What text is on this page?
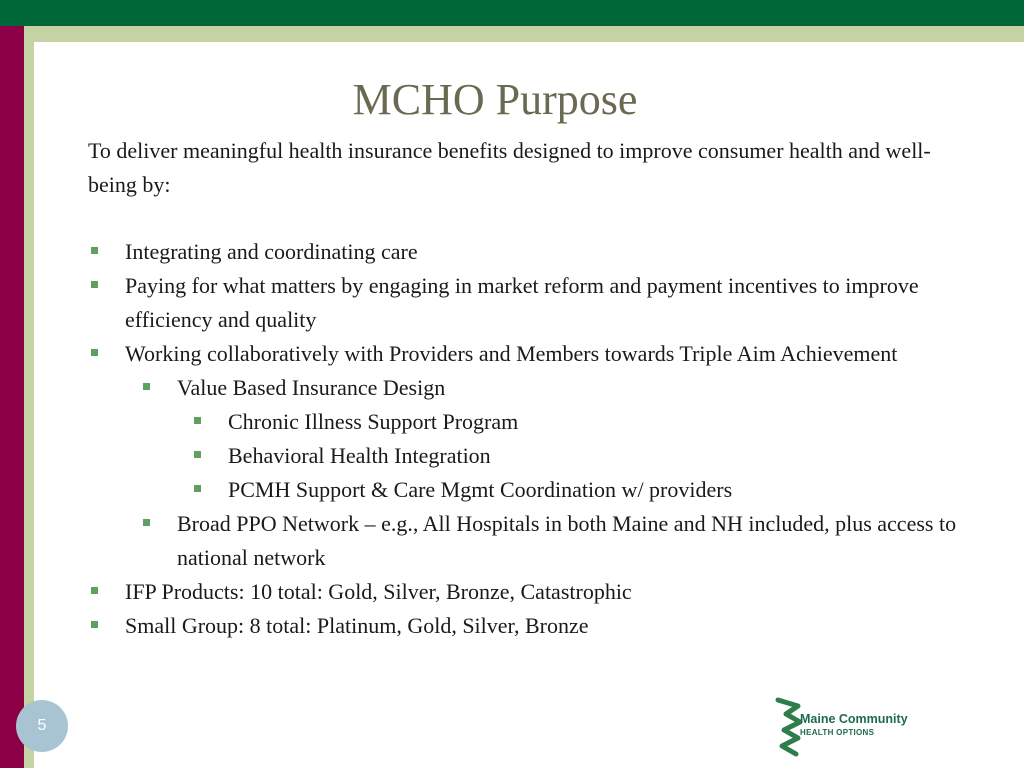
MCHO Purpose
To deliver meaningful health insurance benefits designed to improve consumer health and well-being by:
Integrating and coordinating care
Paying for what matters by engaging in market reform and payment incentives to improve efficiency and quality
Working collaboratively with Providers and Members towards Triple Aim Achievement
Value Based Insurance Design
Chronic Illness Support Program
Behavioral Health Integration
PCMH Support & Care Mgmt Coordination w/ providers
Broad PPO Network – e.g., All Hospitals in both Maine and NH included, plus access to national network
IFP Products: 10 total: Gold, Silver, Bronze, Catastrophic
Small Group: 8 total: Platinum, Gold, Silver, Bronze
5	Maine Community
HEALTH OPTIONS
